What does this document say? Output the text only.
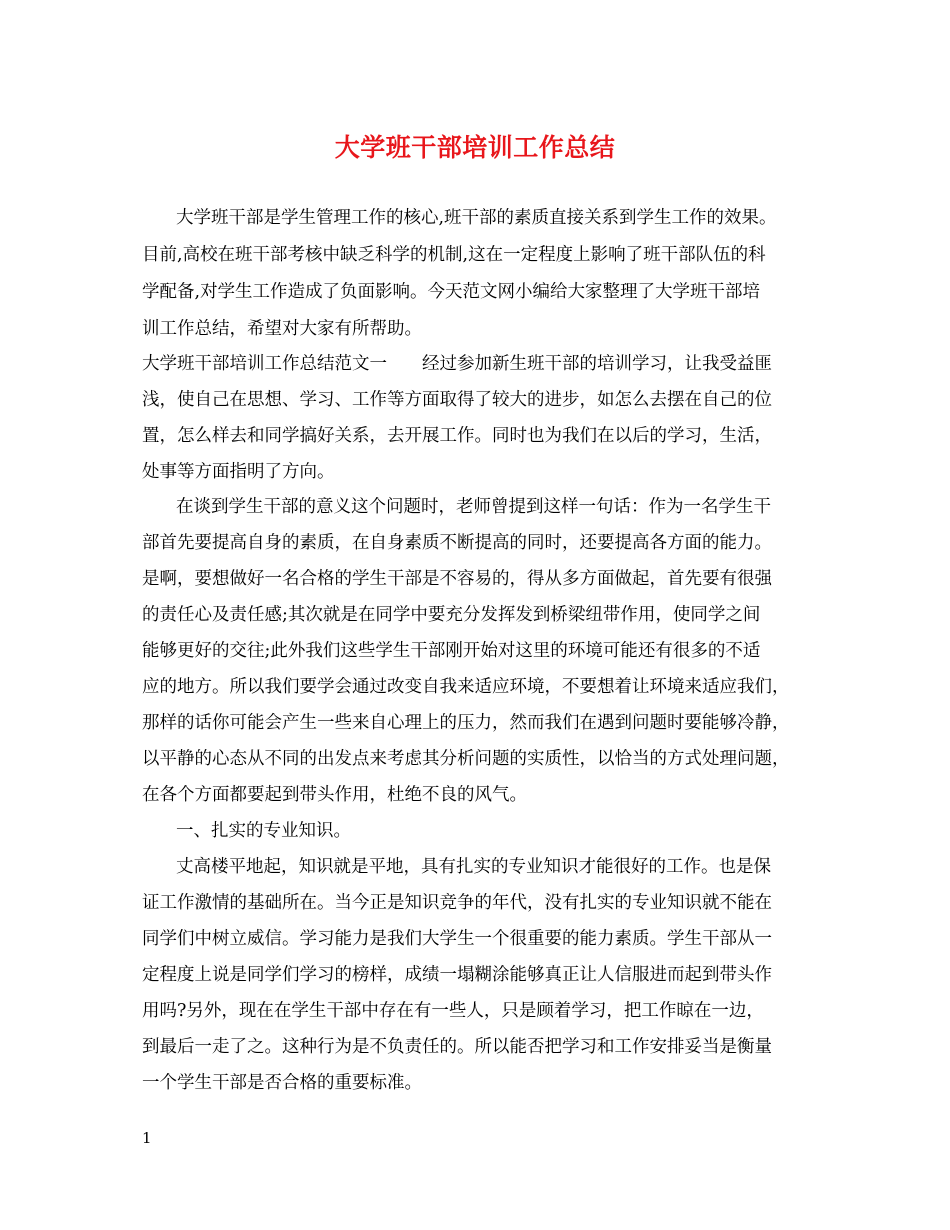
大学班干部培训工作总结
大学班干部是学生管理工作的核心,班干部的素质直接关系到学生工作的效果。
目前,高校在班干部考核中缺乏科学的机制,这在一定程度上影响了班干部队伍的科
学配备,对学生工作造成了负面影响。今天范文网小编给大家整理了大学班干部培
训工作总结，希望对大家有所帮助。
大学班干部培训工作总结范文一　　经过参加新生班干部的培训学习，让我受益匪
浅，使自己在思想、学习、工作等方面取得了较大的进步，如怎么去摆在自己的位
置，怎么样去和同学搞好关系，去开展工作。同时也为我们在以后的学习，生活，
处事等方面指明了方向。
在谈到学生干部的意义这个问题时，老师曾提到这样一句话：作为一名学生干
部首先要提高自身的素质，在自身素质不断提高的同时，还要提高各方面的能力。
是啊，要想做好一名合格的学生干部是不容易的，得从多方面做起，首先要有很强
的责任心及责任感;其次就是在同学中要充分发挥发到桥梁纽带作用，使同学之间
能够更好的交往;此外我们这些学生干部刚开始对这里的环境可能还有很多的不适
应的地方。所以我们要学会通过改变自我来适应环境，不要想着让环境来适应我们，
那样的话你可能会产生一些来自心理上的压力，然而我们在遇到问题时要能够冷静，
以平静的心态从不同的出发点来考虑其分析问题的实质性，以恰当的方式处理问题，
在各个方面都要起到带头作用，杜绝不良的风气。
一、扎实的专业知识。
丈高楼平地起，知识就是平地，具有扎实的专业知识才能很好的工作。也是保
证工作激情的基础所在。当今正是知识竞争的年代，没有扎实的专业知识就不能在
同学们中树立威信。学习能力是我们大学生一个很重要的能力素质。学生干部从一
定程度上说是同学们学习的榜样，成绩一塌糊涂能够真正让人信服进而起到带头作
用吗?另外，现在在学生干部中存在有一些人，只是顾着学习，把工作晾在一边，
到最后一走了之。这种行为是不负责任的。所以能否把学习和工作安排妥当是衡量
一个学生干部是否合格的重要标准。
1
